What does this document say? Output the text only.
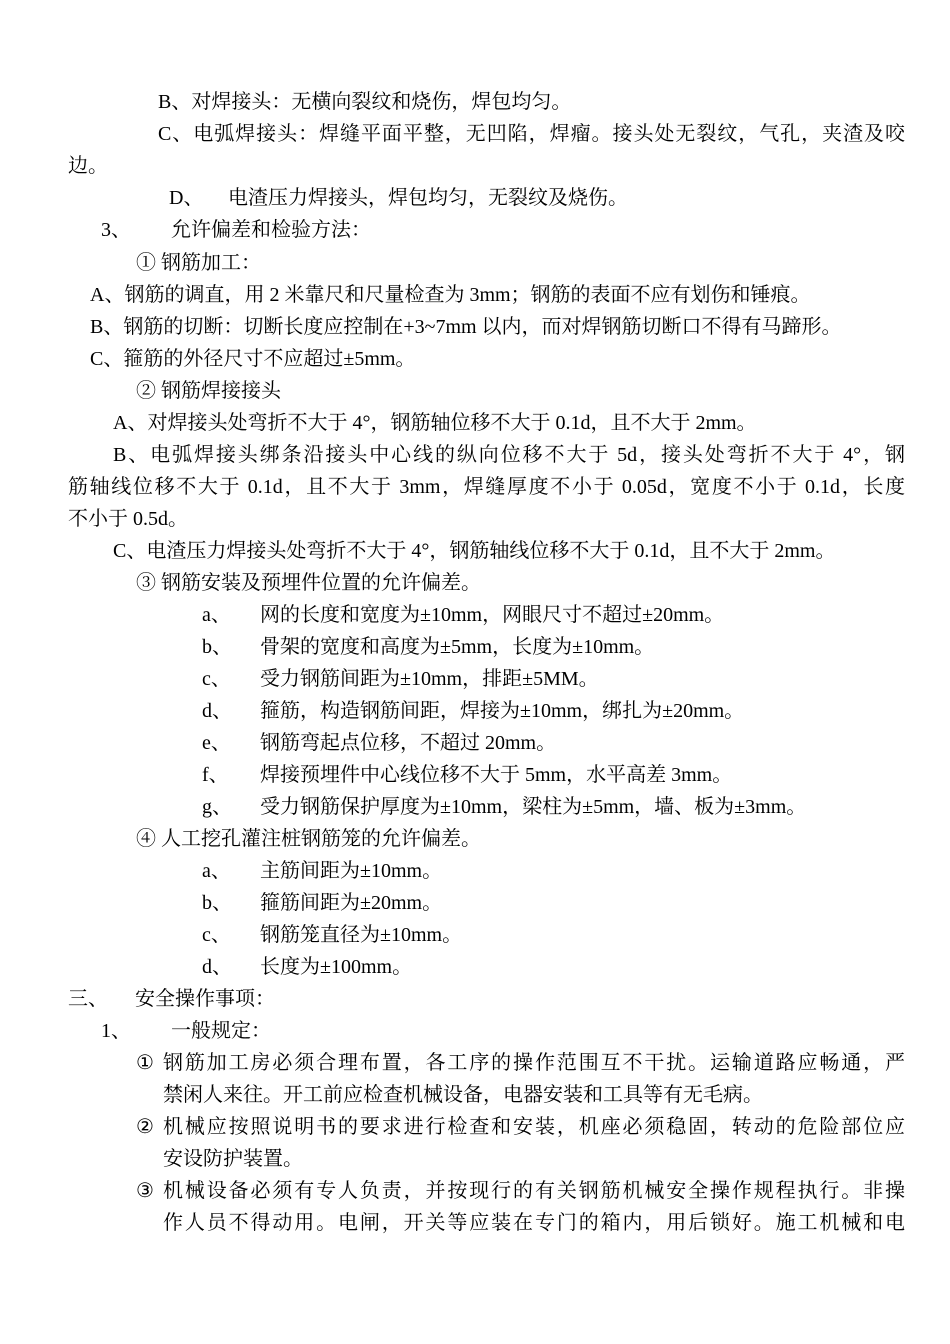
B、对焊接头：无横向裂纹和烧伤，焊包均匀。
C、电弧焊接头：焊缝平面平整，无凹陷，焊瘤。接头处无裂纹，气孔，夹渣及咬
边。
D、 电渣压力焊接头，焊包均匀，无裂纹及烧伤。
3、 允许偏差和检验方法：
① 钢筋加工：
A、钢筋的调直，用 2 米靠尺和尺量检查为 3mm；钢筋的表面不应有划伤和锤痕。
B、钢筋的切断：切断长度应控制在+3~7mm 以内，而对焊钢筋切断口不得有马蹄形。
C、箍筋的外径尺寸不应超过±5mm。
② 钢筋焊接接头
A、对焊接头处弯折不大于 4°，钢筋轴位移不大于 0.1d，且不大于 2mm。
B、电弧焊接头绑条沿接头中心线的纵向位移不大于 5d，接头处弯折不大于 4°，钢
筋轴线位移不大于 0.1d，且不大于 3mm，焊缝厚度不小于 0.05d，宽度不小于 0.1d，长度
不小于 0.5d。
C、电渣压力焊接头处弯折不大于 4°，钢筋轴线位移不大于 0.1d，且不大于 2mm。
③ 钢筋安装及预埋件位置的允许偏差。
a、 网的长度和宽度为±10mm，网眼尺寸不超过±20mm。
b、 骨架的宽度和高度为±5mm，长度为±10mm。
c、 受力钢筋间距为±10mm，排距±5MM。
d、 箍筋，构造钢筋间距，焊接为±10mm，绑扎为±20mm。
e、 钢筋弯起点位移，不超过 20mm。
f、 焊接预埋件中心线位移不大于 5mm，水平高差 3mm。
g、 受力钢筋保护厚度为±10mm，梁柱为±5mm，墙、板为±3mm。
④ 人工挖孔灌注桩钢筋笼的允许偏差。
a、 主筋间距为±10mm。
b、 箍筋间距为±20mm。
c、 钢筋笼直径为±10mm。
d、 长度为±100mm。
三、 安全操作事项：
1、 一般规定：
① 钢筋加工房必须合理布置，各工序的操作范围互不干扰。运输道路应畅通，严
禁闲人来往。开工前应检查机械设备，电器安装和工具等有无毛病。
② 机械应按照说明书的要求进行检查和安装，机座必须稳固，转动的危险部位应
安设防护装置。
③ 机械设备必须有专人负责，并按现行的有关钢筋机械安全操作规程执行。非操
作人员不得动用。电闸，开关等应装在专门的箱内，用后锁好。施工机械和电
